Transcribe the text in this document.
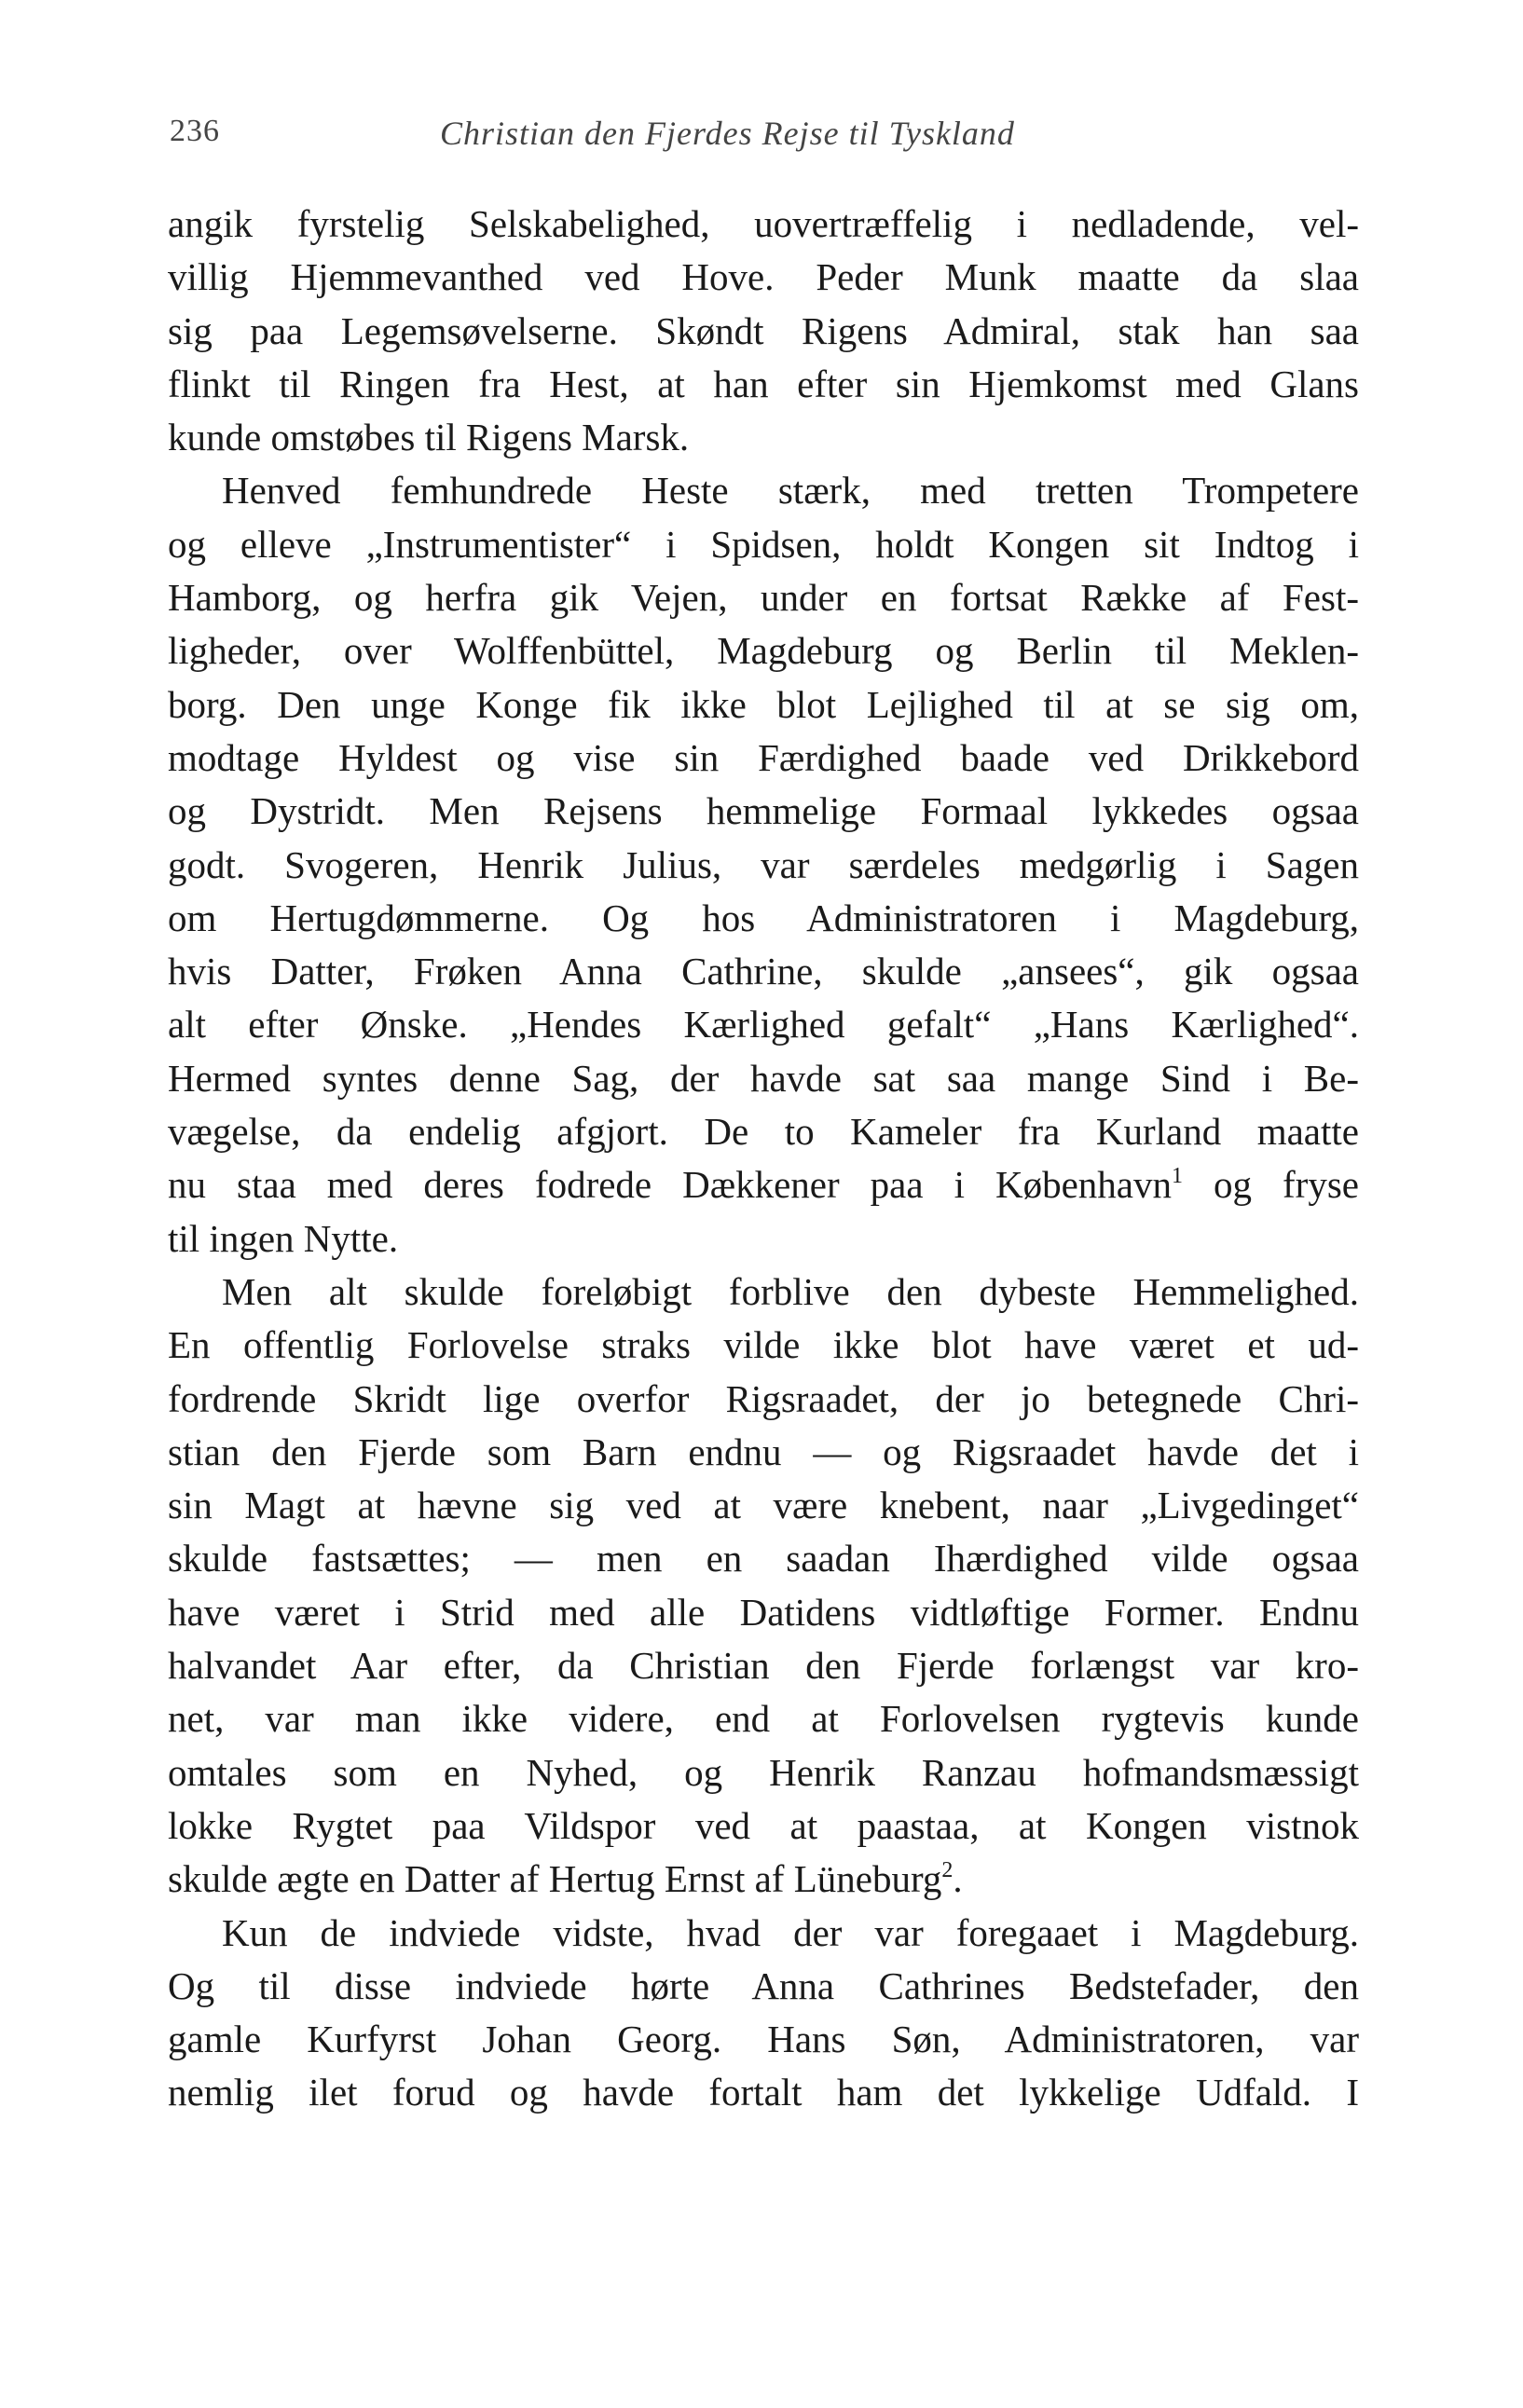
236	Christian den Fjerdes Rejse til Tyskland
angik fyrstelig Selskabelighed, uovertræffelig i nedladende, vel-
villig Hjemmevanthed ved Hove. Peder Munk maatte da slaa
sig paa Legemsøvelserne. Skøndt Rigens Admiral, stak han saa
flinkt til Ringen fra Hest, at han efter sin Hjemkomst med Glans
kunde omstøbes til Rigens Marsk.
Henved femhundrede Heste stærk, med tretten Trompetere
og elleve „Instrumentister“ i Spidsen, holdt Kongen sit Indtog i
Hamborg, og herfra gik Vejen, under en fortsat Række af Fest-
ligheder, over Wolffenbüttel, Magdeburg og Berlin til Meklen-
borg. Den unge Konge fik ikke blot Lejlighed til at se sig om,
modtage Hyldest og vise sin Færdighed baade ved Drikkebord
og Dystridt. Men Rejsens hemmelige Formaal lykkedes ogsaa
godt. Svogeren, Henrik Julius, var særdeles medgørlig i Sagen
om Hertugdømmerne. Og hos Administratoren i Magdeburg,
hvis Datter, Frøken Anna Cathrine, skulde „ansees“, gik ogsaa
alt efter Ønske. „Hendes Kærlighed gefalt“ „Hans Kærlighed“.
Hermed syntes denne Sag, der havde sat saa mange Sind i Be-
vægelse, da endelig afgjort. De to Kameler fra Kurland maatte
nu staa med deres fodrede Dækkener paa i København$^1$ og fryse
til ingen Nytte.
Men alt skulde foreløbigt forblive den dybeste Hemmelighed.
En offentlig Forlovelse straks vilde ikke blot have været et ud-
fordrende Skridt lige overfor Rigsraadet, der jo betegnede Chri-
stian den Fjerde som Barn endnu — og Rigsraadet havde det i
sin Magt at hævne sig ved at være knebent, naar „Livgedinget“
skulde fastsættes; — men en saadan Ihærdighed vilde ogsaa
have været i Strid med alle Datidens vidtløftige Former. Endnu
halvandet Aar efter, da Christian den Fjerde forlængst var kro-
net, var man ikke videre, end at Forlovelsen rygtevis kunde
omtales som en Nyhed, og Henrik Ranzau hofmandsmæssigt
lokke Rygtet paa Vildspor ved at paastaa, at Kongen vistnok
skulde ægte en Datter af Hertug Ernst af Lüneburg$^2$.
Kun de indviede vidste, hvad der var foregaaet i Magdeburg.
Og til disse indviede hørte Anna Cathrines Bedstefader, den
gamle Kurfyrst Johan Georg. Hans Søn, Administratoren, var
nemlig ilet forud og havde fortalt ham det lykkelige Udfald. I
